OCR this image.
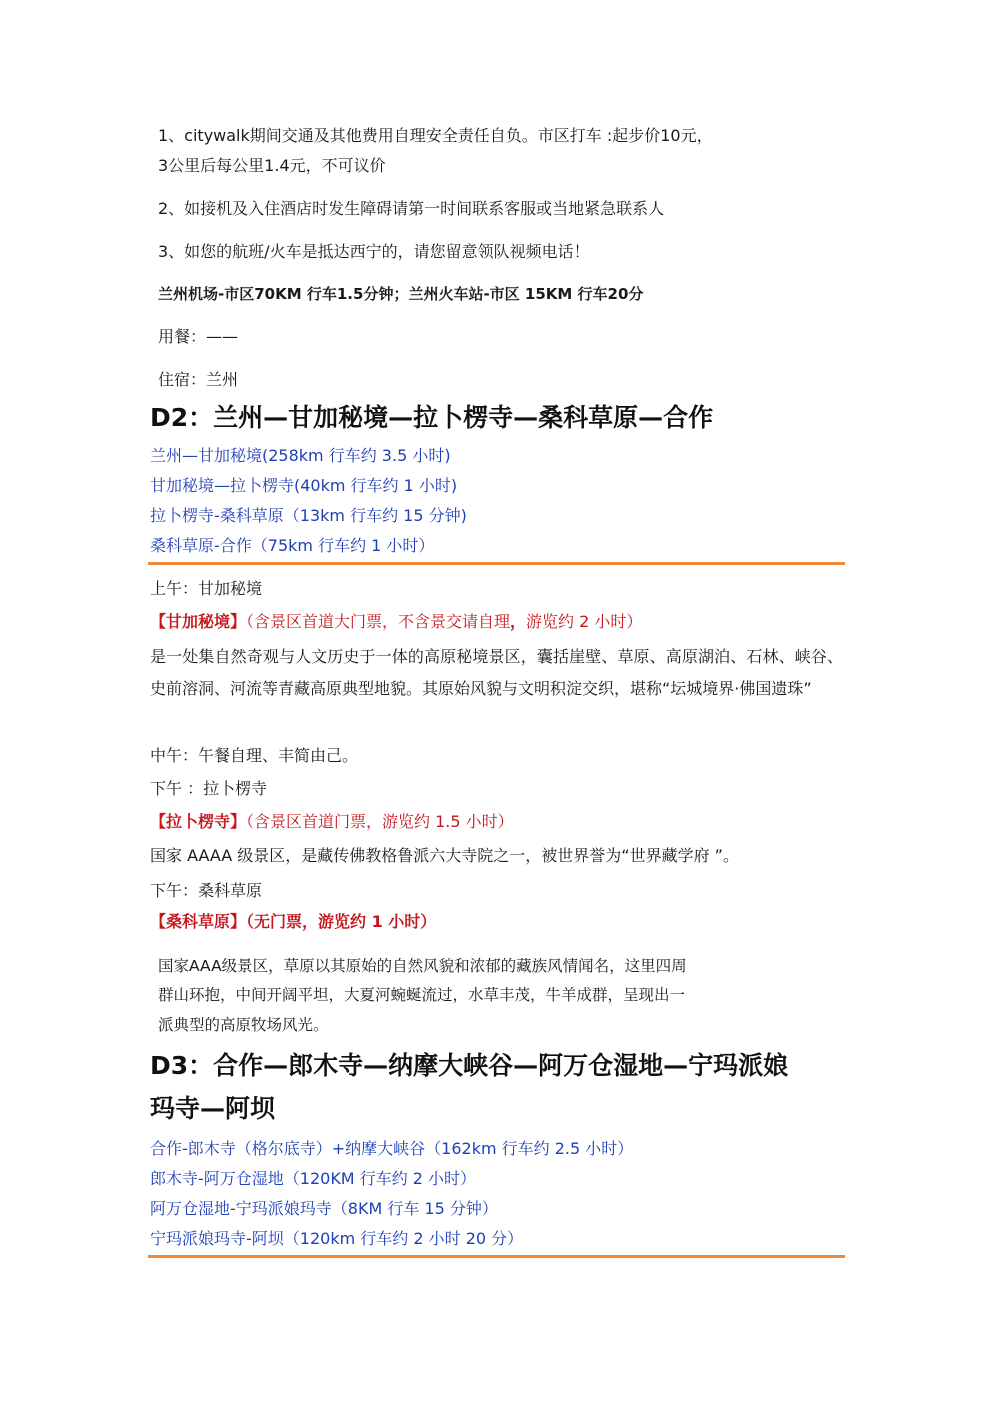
1、citywalk期间交通及其他费用自理安全责任自负。市区打车 :起步价10元，
3公里后每公里1.4元，不可议价
2、如接机及入住酒店时发生障碍请第一时间联系客服或当地紧急联系人
3、如您的航班/火车是抵达西宁的，请您留意领队视频电话！
兰州机场-市区70KM 行车1.5分钟；兰州火车站-市区 15KM 行车20分
用餐：——
住宿：兰州
D2：兰州—甘加秘境—拉卜楞寺—桑科草原—合作
兰州—甘加秘境(258km 行车约 3.5 小时)
甘加秘境—拉卜楞寺(40km 行车约 1 小时)
拉卜楞寺-桑科草原（13km 行车约 15 分钟)
桑科草原-合作（75km 行车约 1 小时）
上午：甘加秘境
【甘加秘境】（含景区首道大门票，不含景交请自理，游览约 2 小时）
是一处集自然奇观与人文历史于一体的高原秘境景区，囊括崖壁、草原、高原湖泊、石林、峡谷、史前溶洞、河流等青藏高原典型地貌。其原始风貌与文明积淀交织，堪称“坛城境界·佛国遗珠”
中午：午餐自理、丰简由己。
下午 ：拉卜楞寺
【拉卜楞寺】（含景区首道门票，游览约 1.5 小时）
国家 AAAA 级景区，是藏传佛教格鲁派六大寺院之一，被世界誉为“世界藏学府 ”。
下午：桑科草原
【桑科草原】（无门票，游览约 1 小时）
国家AAA级景区，草原以其原始的自然风貌和浓郁的藏族风情闻名，这里四周
群山环抱，中间开阔平坦，大夏河蜿蜒流过，水草丰茂，牛羊成群，呈现出一
派典型的高原牧场风光。
D3：合作—郎木寺—纳摩大峡谷—阿万仓湿地—宁玛派娘
玛寺—阿坝
合作-郎木寺（格尔底寺）+纳摩大峡谷（162km 行车约 2.5 小时）
郎木寺-阿万仓湿地（120KM 行车约 2 小时）
阿万仓湿地-宁玛派娘玛寺（8KM 行车 15 分钟）
宁玛派娘玛寺-阿坝（120km 行车约 2 小时 20 分）
